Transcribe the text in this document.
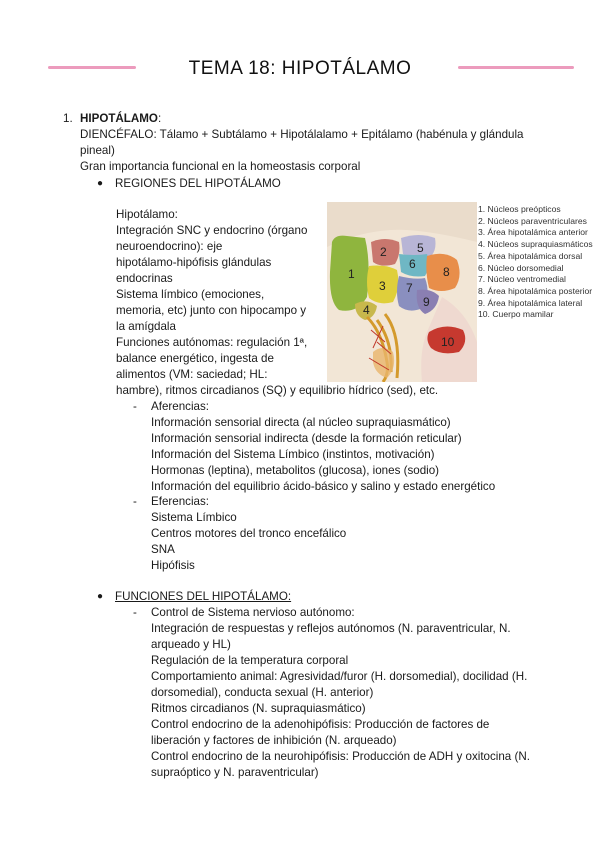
TEMA 18: HIPOTÁLAMO
1. HIPOTÁLAMO:
DIENCÉFALO: Tálamo + Subtálamo + Hipotálalamo + Epitálamo (habénula y glándula
pineal)
Gran importancia funcional en la homeostasis corporal
● REGIONES DEL HIPOTÁLAMO
Hipotálamo:
Integración SNC y endocrino (órgano
neuroendocrino): eje
hipotálamo-hipófisis glándulas
endocrinas
Sistema límbico (emociones,
memoria, etc) junto con hipocampo y
la amígdala
Funciones autónomas: regulación 1ª,
balance energético, ingesta de
alimentos (VM: saciedad; HL:
hambre), ritmos circadianos (SQ) y equilibrio hídrico (sed), etc.
1
2
3
4
5
6
7
8
9
10
1. Núcleos preópticos
2. Núcleos paraventriculares
3. Área hipotalámica anterior
4. Núcleos supraquiasmáticos
5. Área hipotalámica dorsal
6. Núcleo dorsomedial
7. Núcleo ventromedial
8. Área hipotalámica posterior
9. Área hipotalámica lateral
10. Cuerpo mamilar
- Aferencias:
Información sensorial directa (al núcleo supraquiasmático)
Información sensorial indirecta (desde la formación reticular)
Información del Sistema Límbico (instintos, motivación)
Hormonas (leptina), metabolitos (glucosa), iones (sodio)
Información del equilibrio ácido-básico y salino y estado energético
- Eferencias:
Sistema Límbico
Centros motores del tronco encefálico
SNA
Hipófisis
● FUNCIONES DEL HIPOTÁLAMO:
- Control de Sistema nervioso autónomo:
Integración de respuestas y reflejos autónomos (N. paraventricular, N.
arqueado y HL)
Regulación de la temperatura corporal
Comportamiento animal: Agresividad/furor (H. dorsomedial), docilidad (H.
dorsomedial), conducta sexual (H. anterior)
Ritmos circadianos (N. supraquiasmático)
Control endocrino de la adenohipófisis: Producción de factores de
liberación y factores de inhibición (N. arqueado)
Control endocrino de la neurohipófisis: Producción de ADH y oxitocina (N.
supraóptico y N. paraventricular)
